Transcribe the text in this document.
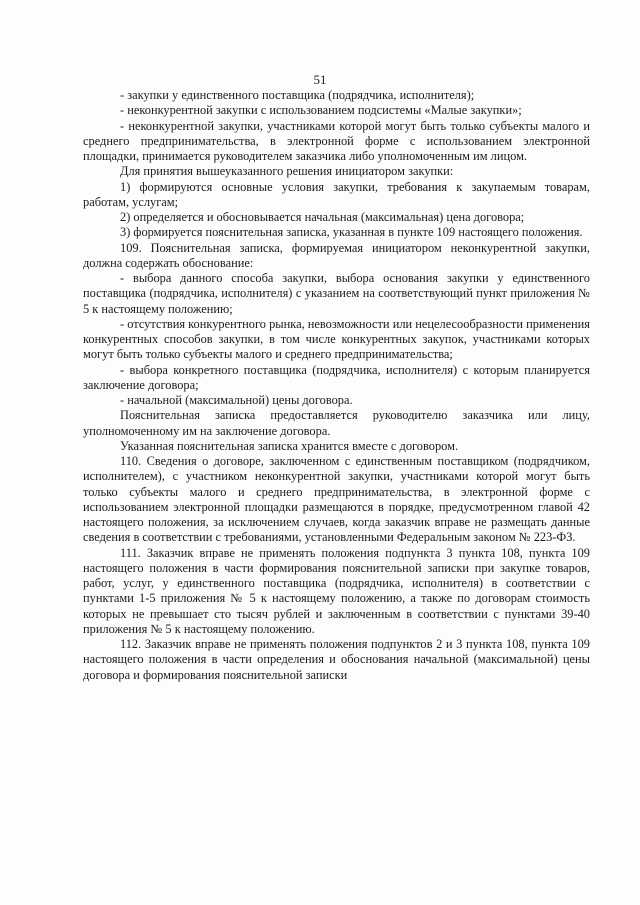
51

- закупки у единственного поставщика (подрядчика, исполнителя);

- неконкурентной закупки с использованием подсистемы «Малые закупки»;

- неконкурентной закупки, участниками которой могут быть только субъекты малого и среднего предпринимательства, в электронной форме с использованием электронной площадки, принимается руководителем заказчика либо уполномоченным им лицом.

Для принятия вышеуказанного решения инициатором закупки:

1) формируются основные условия закупки, требования к закупаемым товарам, работам, услугам;

2) определяется и обосновывается начальная (максимальная) цена договора;

3) формируется пояснительная записка, указанная в пункте 109 настоящего положения.

109. Пояснительная записка, формируемая инициатором неконкурентной закупки, должна содержать обоснование:

- выбора данного способа закупки, выбора основания закупки у единственного поставщика (подрядчика, исполнителя) с указанием на соответствующий пункт приложения № 5 к настоящему положению;

- отсутствия конкурентного рынка, невозможности или нецелесообразности применения конкурентных способов закупки, в том числе конкурентных закупок, участниками которых могут быть только субъекты малого и среднего предпринимательства;

- выбора конкретного поставщика (подрядчика, исполнителя) с которым планируется заключение договора;

- начальной (максимальной) цены договора.

Пояснительная записка предоставляется руководителю заказчика или лицу, уполномоченному им на заключение договора.

Указанная пояснительная записка хранится вместе с договором.

110. Сведения о договоре, заключенном с единственным поставщиком (подрядчиком, исполнителем), с участником неконкурентной закупки, участниками которой могут быть только субъекты малого и среднего предпринимательства, в электронной форме с использованием электронной площадки размещаются в порядке, предусмотренном главой 42 настоящего положения, за исключением случаев, когда заказчик вправе не размещать данные сведения в соответствии с требованиями, установленными Федеральным законом № 223-ФЗ.

111. Заказчик вправе не применять положения подпункта 3 пункта 108, пункта 109 настоящего положения в части формирования пояснительной записки при закупке товаров, работ, услуг, у единственного поставщика (подрядчика, исполнителя) в соответствии с пунктами 1-5 приложения № 5 к настоящему положению, а также по договорам стоимость которых не превышает сто тысяч рублей и заключенным в соответствии с пунктами 39-40 приложения № 5 к настоящему положению.

112. Заказчик вправе не применять положения подпунктов 2 и 3 пункта 108, пункта 109 настоящего положения в части определения и обоснования начальной (максимальной) цены договора и формирования пояснительной записки
